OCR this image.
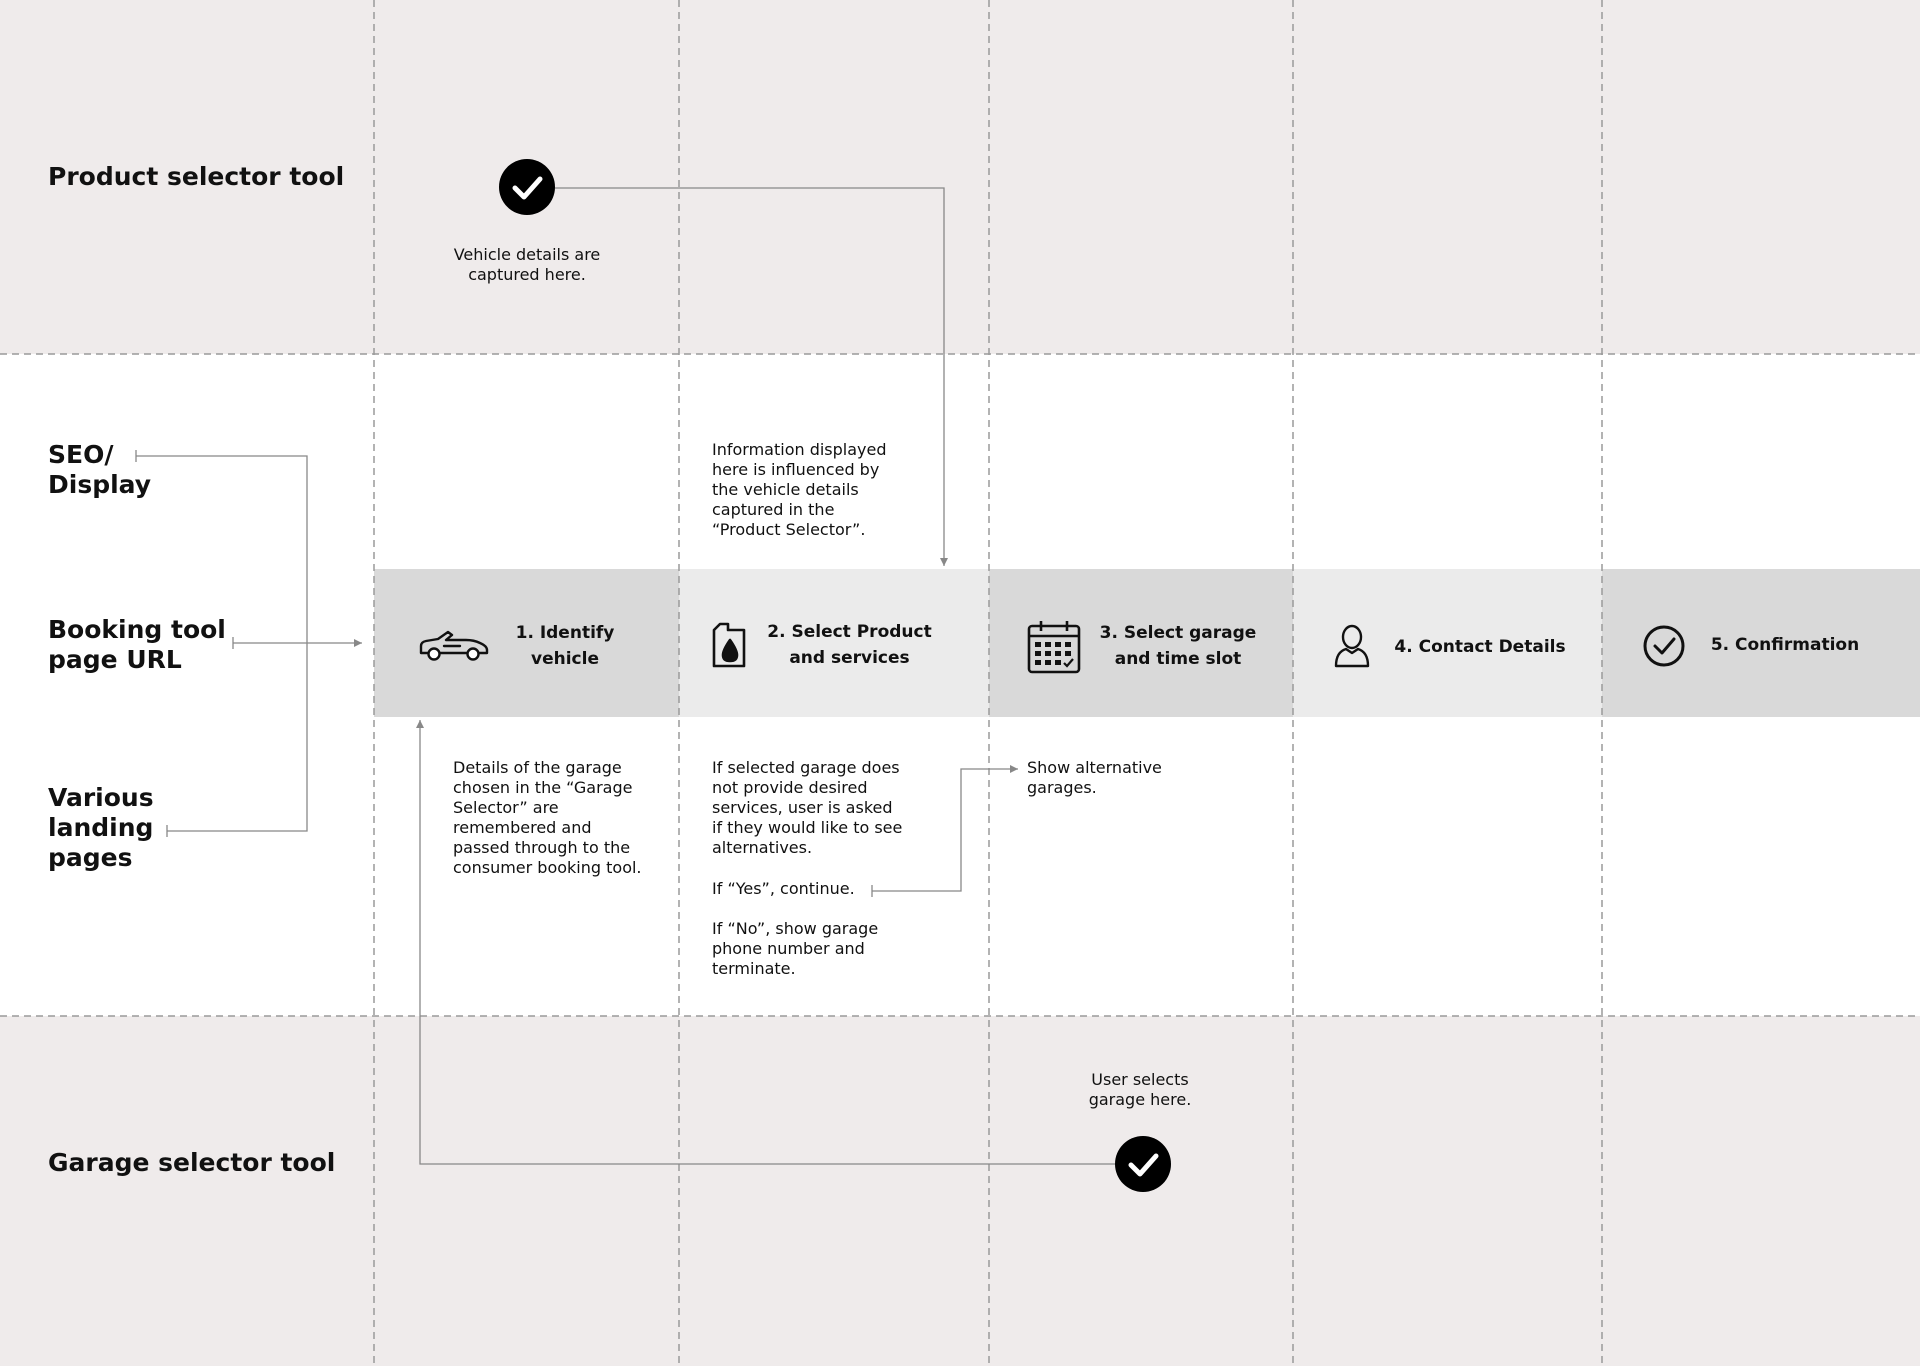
Product selector tool
SEO/
Display
Booking tool
page URL
Various
landing
pages
Garage selector tool
1. Identify
vehicle
2. Select Product
and services
3. Select garage
and time slot
4. Contact Details	5. Confirmation
Vehicle details are
captured here.
Information displayed
here is influenced by
the vehicle details
captured in the
“Product Selector”.
Details of the garage
chosen in the “Garage
Selector” are
remembered and
passed through to the
consumer booking tool.
If selected garage does
not provide desired
services, user is asked
if they would like to see
alternatives.
If “Yes”, continue.
If “No”, show garage
phone number and
terminate.
Show alternative
garages.
User selects
garage here.
